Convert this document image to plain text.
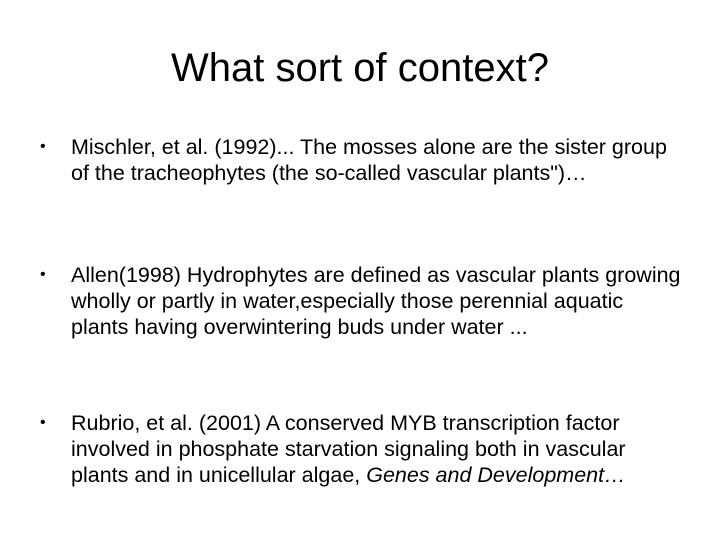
What sort of context?
• Mischler, et al. (1992)... The mosses alone are the sister group of the tracheophytes (the so-called vascular plants")…
• Allen(1998) Hydrophytes are defined as vascular plants growing wholly or partly in water,especially those perennial aquatic plants having overwintering buds under water ...
• Rubrio, et al. (2001) A conserved MYB transcription factor involved in phosphate starvation signaling both in vascular plants and in unicellular algae, Genes and Development…
